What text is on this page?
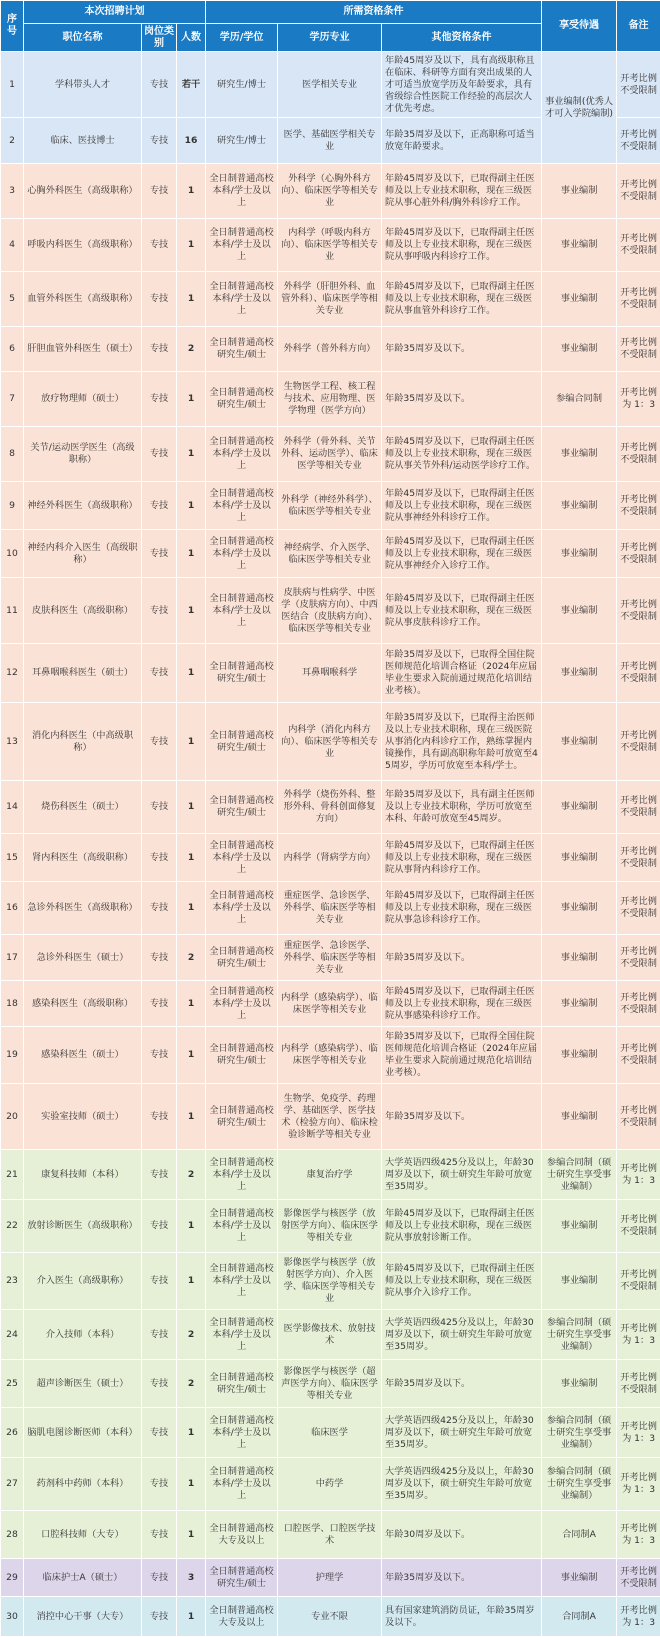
序号	本次招聘计划			所需资格条件			享受待遇	备注
	职位名称	岗位类别	人数	学历/学位	学历专业	其他资格条件		
1	学科带头人才	专技	若干	研究生/博士	医学相关专业	年龄45周岁及以下，具有高级职称且在临床、科研等方面有突出成果的人才可适当放宽学历及年龄要求，具有省级综合性医院工作经验的高层次人才优先考虑。	事业编制(优秀人才可入学院编制)	开考比例不受限制
2	临床、医技博士	专技	16	研究生/博士	医学、基础医学相关专业	年龄35周岁及以下，正高职称可适当放宽年龄要求。		开考比例不受限制
3	心胸外科医生（高级职称）	专技	1	全日制普通高校本科/学士及以上	外科学（心胸外科方向）、临床医学等相关专业	年龄45周岁及以下，已取得副主任医师及以上专业技术职称，现在三级医院从事心脏外科/胸外科诊疗工作。	事业编制	开考比例不受限制
4	呼吸内科医生（高级职称）	专技	1	全日制普通高校本科/学士及以上	内科学（呼吸内科方向）、临床医学等相关专业	年龄45周岁及以下，已取得副主任医师及以上专业技术职称，现在三级医院从事呼吸内科诊疗工作。	事业编制	开考比例不受限制
5	血管外科医生（高级职称）	专技	1	全日制普通高校本科/学士及以上	外科学（肝胆外科、血管外科）、临床医学等相关专业	年龄45周岁及以下，已取得副主任医师及以上专业技术职称，现在三级医院从事血管外科诊疗工作。	事业编制	开考比例不受限制
6	肝胆血管外科医生（硕士）	专技	2	全日制普通高校研究生/硕士	外科学（普外科方向）	年龄35周岁及以下。	事业编制	开考比例不受限制
7	放疗物理师（硕士）	专技	1	全日制普通高校研究生/硕士	生物医学工程、核工程与技术、应用物理、医学物理（医学方向）	年龄35周岁及以下。	参编合同制	开考比例为 1：3
8	关节/运动医学医生（高级职称）	专技	1	全日制普通高校本科/学士及以上	外科学（骨外科、关节外科、运动医学）、临床医学等相关专业	年龄45周岁及以下，已取得副主任医师及以上专业技术职称，现在三级医院从事关节外科/运动医学诊疗工作。	事业编制	开考比例不受限制
9	神经外科医生（高级职称）	专技	1	全日制普通高校本科/学士及以上	外科学（神经外科学）、临床医学等相关专业	年龄45周岁及以下，已取得副主任医师及以上专业技术职称，现在三级医院从事神经外科诊疗工作。	事业编制	开考比例不受限制
10	神经内科介入医生（高级职称）	专技	1	全日制普通高校本科/学士及以上	神经病学、介入医学、临床医学等相关专业	年龄45周岁及以下，已取得副主任医师及以上专业技术职称，现在三级医院从事神经介入诊疗工作。	事业编制	开考比例不受限制
11	皮肤科医生（高级职称）	专技	1	全日制普通高校本科/学士及以上	皮肤病与性病学、中医学（皮肤病方向）、中西医结合（皮肤病方向）、临床医学等相关专业	年龄45周岁及以下，已取得副主任医师及以上专业技术职称，现在三级医院从事皮肤科诊疗工作。	事业编制	开考比例不受限制
12	耳鼻咽喉科医生（硕士）	专技	1	全日制普通高校研究生/硕士	耳鼻咽喉科学	年龄35周岁及以下，已取得全国住院医师规范化培训合格证（2024年应届毕业生要求入院前通过规范化培训结业考核）。	事业编制	开考比例不受限制
13	消化内科医生（中高级职称）	专技	1	全日制普通高校研究生/硕士	内科学（消化内科方向）、临床医学等相关专业	年龄35周岁及以下，已取得主治医师及以上专业技术职称，现在三级医院从事消化内科诊疗工作，熟练掌握内镜操作，具有副高职称年龄可放宽至45周岁，学历可放宽至本科/学士。	事业编制	开考比例不受限制
14	烧伤科医生（硕士）	专技	1	全日制普通高校研究生/硕士	外科学（烧伤外科、整形外科、骨科创面修复方向）	年龄35周岁及以下，具有副主任医师及以上专业技术职称，学历可放宽至本科、年龄可放宽至45周岁。	事业编制	开考比例不受限制
15	肾内科医生（高级职称）	专技	1	全日制普通高校本科/学士及以上	内科学（肾病学方向）	年龄45周岁及以下，已取得副主任医师及以上专业技术职称，现在三级医院从事肾内科诊疗工作。	事业编制	开考比例不受限制
16	急诊外科医生（高级职称）	专技	1	全日制普通高校本科/学士及以上	重症医学、急诊医学、外科学、临床医学等相关专业	年龄45周岁及以下，已取得副主任医师及以上专业技术职称，现在三级医院从事急诊科诊疗工作。	事业编制	开考比例不受限制
17	急诊外科医生（硕士）	专技	2	全日制普通高校研究生/硕士	重症医学、急诊医学、外科学、临床医学等相关专业	年龄35周岁及以下。	事业编制	开考比例不受限制
18	感染科医生（高级职称）	专技	1	全日制普通高校本科/学士及以上	内科学（感染病学）、临床医学等相关专业	年龄45周岁及以下，已取得副主任医师及以上专业技术职称，现在三级医院从事感染科诊疗工作。	事业编制	开考比例不受限制
19	感染科医生（硕士）	专技	1	全日制普通高校研究生/硕士	内科学（感染病学）、临床医学等相关专业	年龄35周岁及以下，已取得全国住院医师规范化培训合格证（2024年应届毕业生要求入院前通过规范化培训结业考核）。	事业编制	开考比例不受限制
20	实验室技师（硕士）	专技	1	全日制普通高校研究生/硕士	生物学、免疫学、药理学、基础医学、医学技术（检验方向）、临床检验诊断学等相关专业	年龄35周岁及以下。	事业编制	开考比例不受限制
21	康复科技师（本科）	专技	2	全日制普通高校本科/学士及以上	康复治疗学	大学英语四级425分及以上，年龄30周岁及以下，硕士研究生年龄可放宽至35周岁。	参编合同制（硕士研究生享受事业编制）	开考比例为 1：3
22	放射诊断医生（高级职称）	专技	1	全日制普通高校本科/学士及以上	影像医学与核医学（放射医学方向）、临床医学等相关专业	年龄45周岁及以下，已取得副主任医师及以上专业技术职称，现在三级医院从事放射诊断工作。	事业编制	开考比例不受限制
23	介入医生（高级职称）	专技	1	全日制普通高校本科/学士及以上	影像医学与核医学（放射医学方向）、介入医学、临床医学等相关专业	年龄45周岁及以下，已取得副主任医师及以上专业技术职称，现在三级医院从事介入诊疗工作。	事业编制	开考比例不受限制
24	介入技师（本科）	专技	2	全日制普通高校本科/学士及以上	医学影像技术、放射技术	大学英语四级425分及以上，年龄30周岁及以下，硕士研究生年龄可放宽至35周岁。	参编合同制（硕士研究生享受事业编制）	开考比例为 1：3
25	超声诊断医生（硕士）	专技	2	全日制普通高校研究生/硕士	影像医学与核医学（超声医学方向）、临床医学等相关专业	年龄35周岁及以下。	事业编制	开考比例不受限制
26	脑肌电图诊断医师（本科）	专技	1	全日制普通高校本科/学士及以上	临床医学	大学英语四级425分及以上，年龄30周岁及以下，硕士研究生年龄可放宽至35周岁。	参编合同制（硕士研究生享受事业编制）	开考比例为 1：3
27	药剂科中药师（本科）	专技	1	全日制普通高校本科/学士及以上	中药学	大学英语四级425分及以上，年龄30周岁及以下，硕士研究生年龄可放宽至35周岁。	参编合同制（硕士研究生享受事业编制）	开考比例为 1：3
28	口腔科技师（大专）	专技	1	全日制普通高校大专及以上	口腔医学、口腔医学技术	年龄30周岁及以下。	合同制A	开考比例为 1：3
29	临床护士A（硕士）	专技	3	全日制普通高校研究生/硕士	护理学	年龄35周岁及以下。	事业编制	开考比例不受限制
30	消控中心干事（大专）	专技	1	全日制普通高校大专及以上	专业不限	具有国家建筑消防员证，年龄35周岁及以下。	合同制A	开考比例为 1：3
